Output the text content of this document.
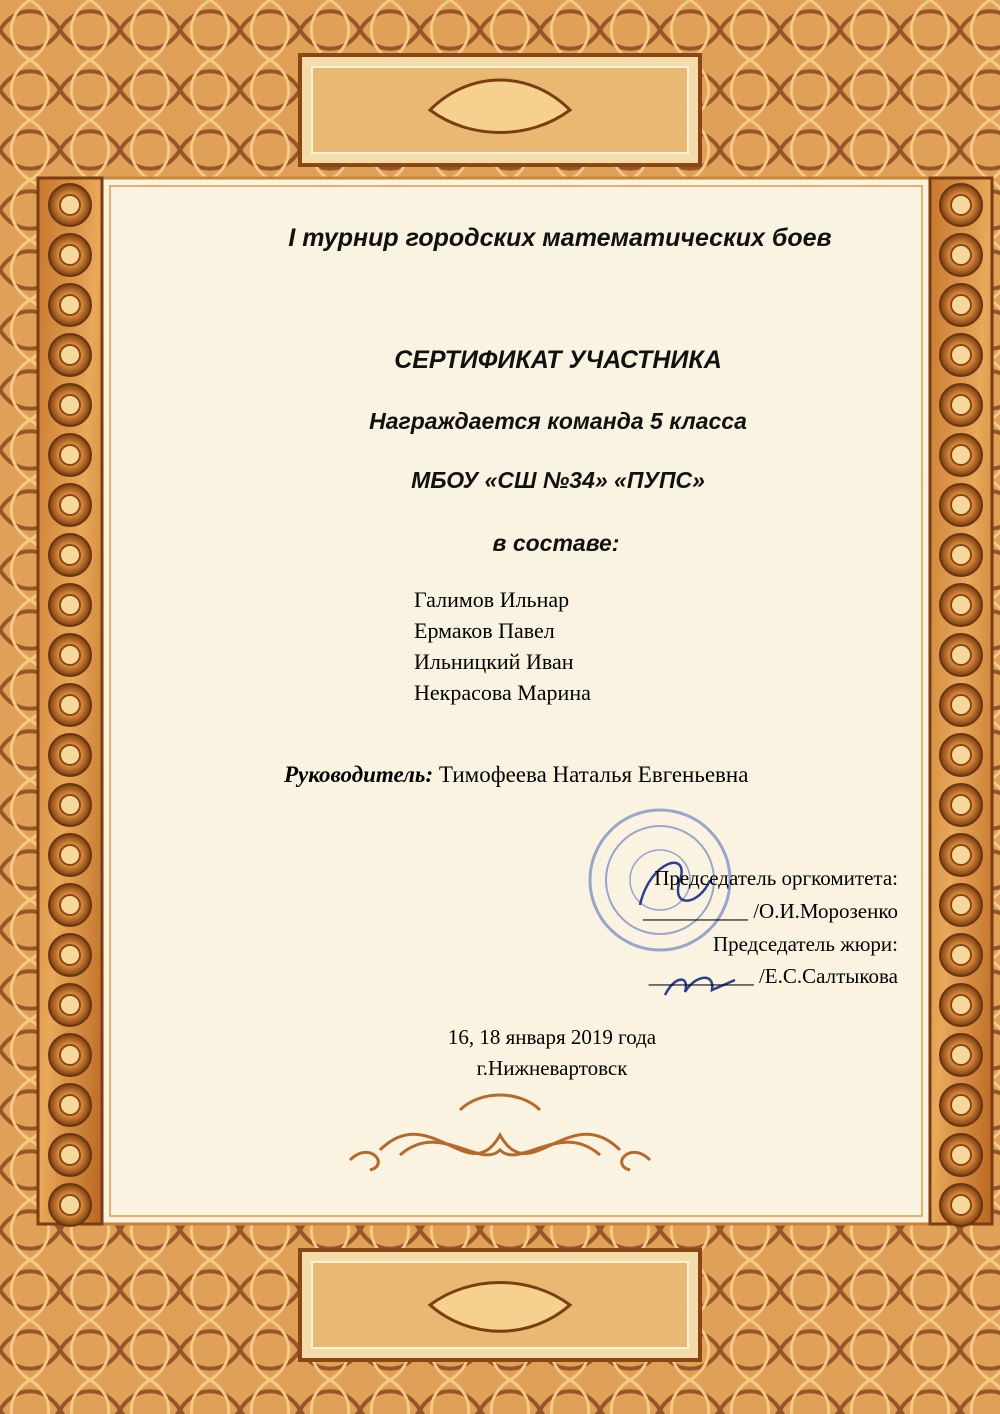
I турнир городских математических боев
СЕРТИФИКАТ УЧАСТНИКА
Награждается команда 5 класса
МБОУ «СШ №34» «ПУПС»
в составе:
Галимов Ильнар
Ермаков Павел
Ильницкий Иван
Некрасова Марина
Руководитель: Тимофеева Наталья Евгеньевна
Председатель оргкомитета:
__________ /О.И.Морозенко
Председатель жюри:
__________ /Е.С.Салтыкова
16, 18 января 2019 года
г.Нижневартовск
